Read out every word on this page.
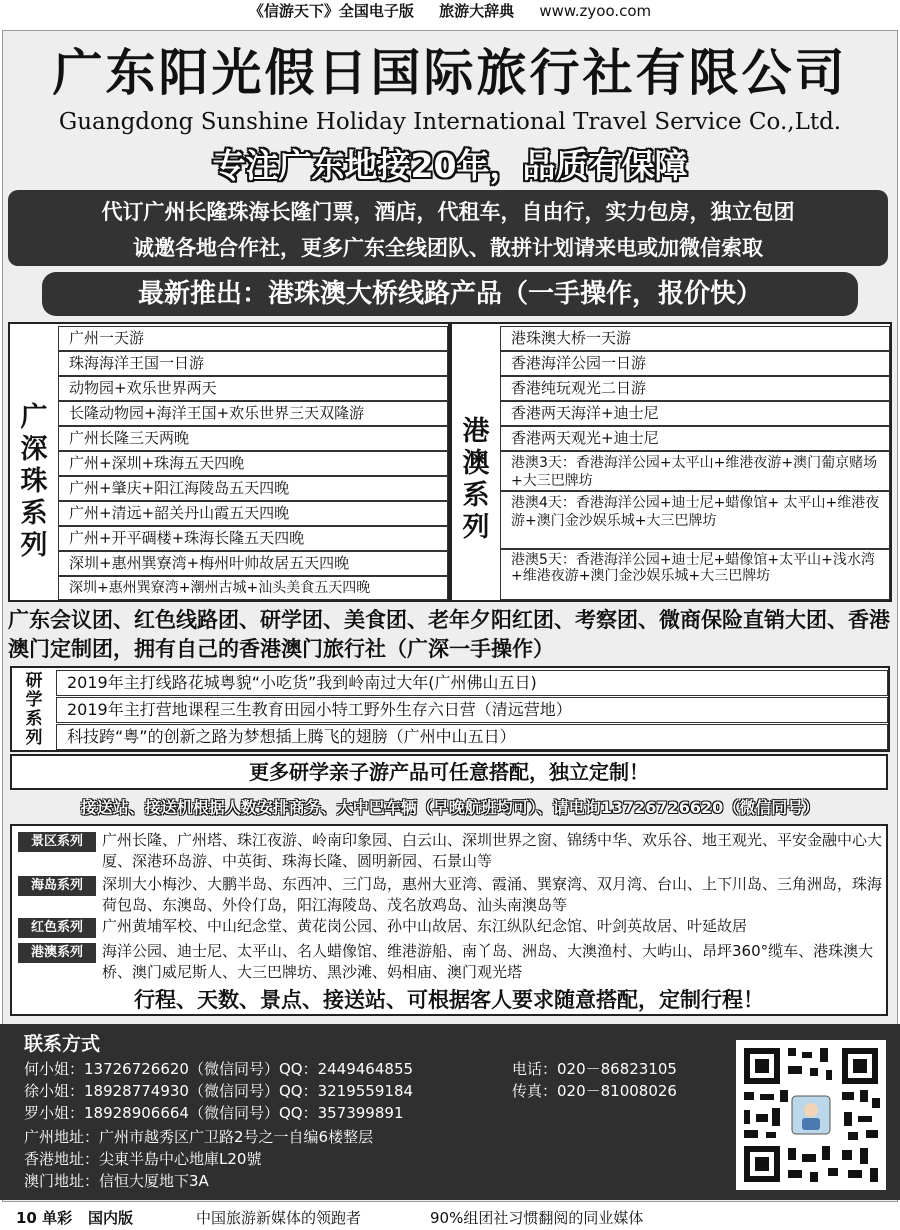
《信游天下》全国电子版 旅游大辞典 www.zyoo.com
广东阳光假日国际旅行社有限公司
Guangdong Sunshine Holiday International Travel Service Co.,Ltd.
专注广东地接20年，品质有保障
代订广州长隆珠海长隆门票，酒店，代租车，自由行，实力包房，独立包团
诚邀各地合作社，更多广东全线团队、散拼计划请来电或加微信索取
最新推出：港珠澳大桥线路产品（一手操作，报价快）
广深珠系列
广州一天游
珠海海洋王国一日游
动物园+欢乐世界两天
长隆动物园+海洋王国+欢乐世界三天双隆游
广州长隆三天两晚
广州+深圳+珠海五天四晚
广州+肇庆+阳江海陵岛五天四晚
广州+清远+韶关丹山霞五天四晚
广州+开平碉楼+珠海长隆五天四晚
深圳+惠州巽寮湾+梅州叶帅故居五天四晚
深圳+惠州巽寮湾+潮州古城+汕头美食五天四晚
港澳系列
港珠澳大桥一天游
香港海洋公园一日游
香港纯玩观光二日游
香港两天海洋+迪士尼
香港两天观光+迪士尼
港澳3天：香港海洋公园+太平山+维港夜游+澳门葡京赌场+大三巴牌坊
港澳4天：香港海洋公园+迪士尼+蜡像馆+ 太平山+维港夜游+澳门金沙娱乐城+大三巴牌坊
港澳5天：香港海洋公园+迪士尼+蜡像馆+太平山+浅水湾+维港夜游+澳门金沙娱乐城+大三巴牌坊
广东会议团、红色线路团、研学团、美食团、老年夕阳红团、考察团、微商保险直销大团、香港澳门定制团，拥有自己的香港澳门旅行社（广深一手操作）
研学系列
2019年主打线路花城粤貌“小吃货”我到岭南过大年(广州佛山五日)
2019年主打营地课程三生教育田园小特工野外生存六日营（清远营地）
科技跨“粤”的创新之路为梦想插上腾飞的翅膀（广州中山五日）
更多研学亲子游产品可任意搭配，独立定制！
接送站、接送机根据人数安排商务、大中巴车辆（早晚航班均可）、请电询13726726620（微信同号）
景区系列	广州长隆、广州塔、珠江夜游、岭南印象园、白云山、深圳世界之窗、锦绣中华、欢乐谷、地王观光、平安金融中心大厦、深港环岛游、中英街、珠海长隆、圆明新园、石景山等
海岛系列	深圳大小梅沙、大鹏半岛、东西冲、三门岛，惠州大亚湾、霞涌、巽寮湾、双月湾、台山、上下川岛、三角洲岛，珠海荷包岛、东澳岛、外伶仃岛，阳江海陵岛、茂名放鸡岛、汕头南澳岛等
红色系列	广州黄埔军校、中山纪念堂、黄花岗公园、孙中山故居、东江纵队纪念馆、叶剑英故居、叶延故居
港澳系列	海洋公园、迪士尼、太平山、名人蜡像馆、维港游船、南丫岛、洲岛、大澳渔村、大屿山、昂坪360°缆车、港珠澳大桥、澳门威尼斯人、大三巴牌坊、黑沙滩、妈相庙、澳门观光塔
行程、天数、景点、接送站、可根据客人要求随意搭配，定制行程！
联系方式
何小姐：13726726620（微信同号）QQ：2449464855
徐小姐：18928774930（微信同号）QQ：3219559184
罗小姐：18928906664（微信同号）QQ：357399891
电话：020－86823105
传真：020－81008026
广州地址：广州市越秀区广卫路2号之一自编6楼整层
香港地址：尖東半島中心地庫L20號
澳门地址：信恒大厦地下3A
10 单彩 国内版	中国旅游新媒体的领跑者	90%组团社习惯翻阅的同业媒体
